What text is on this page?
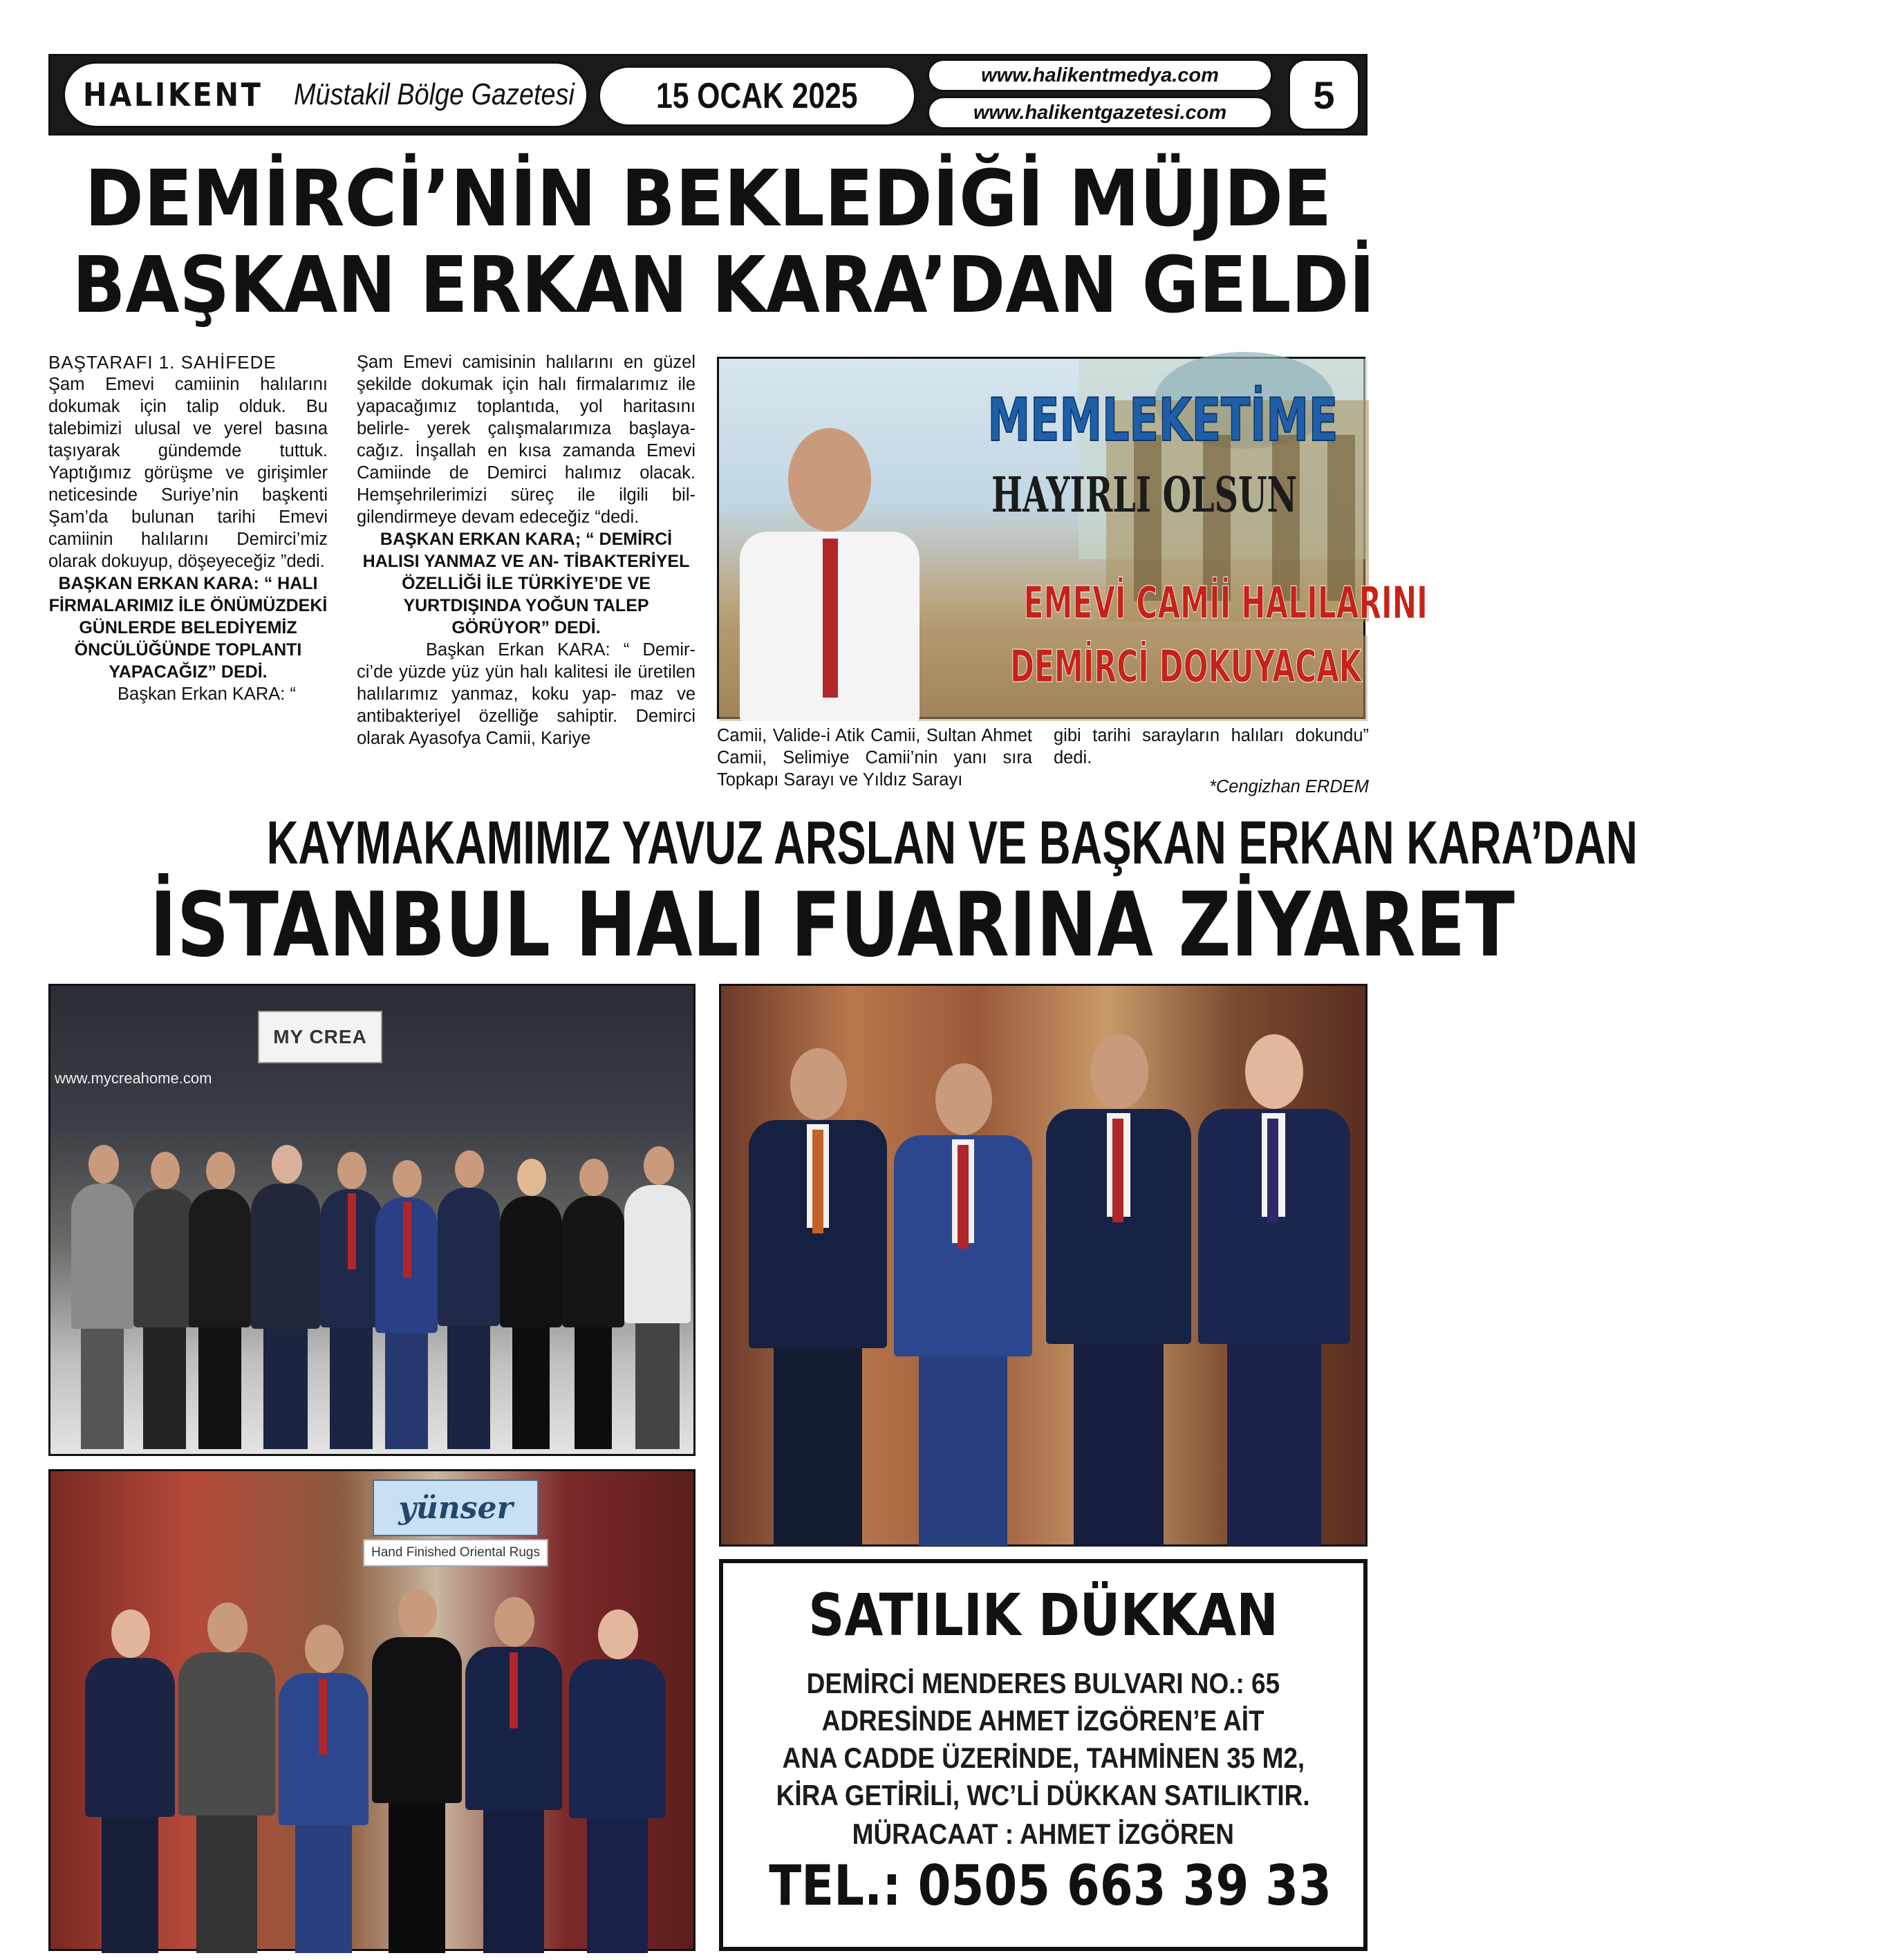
HALIKENT Müstakil Bölge Gazetesi 15 OCAK 2025
www.halikentmedya.com
www.halikentgazetesi.com	5
DEMİRCİ’NİN BEKLEDİĞİ MÜJDE
BAŞKAN ERKAN KARA’DAN GELDİ
BAŞTARAFI 1. SAHİFEDE

Şam Emevi camiinin halılarını dokumak için talip olduk. Bu talebimizi ulusal ve yerel basına taşıyarak gündemde tuttuk. Yaptığımız görüşme ve girişimler neticesinde Suriye’nin başkenti Şam’da bulunan tarihi Emevi camiinin halılarını Demirci’miz olarak dokuyup, döşeyeceğiz ”dedi.

BAŞKAN ERKAN KARA: “ HALI FİRMALARIMIZ İLE ÖNÜMÜZDEKİ GÜNLERDE BELEDİYEMİZ ÖNCÜLÜĞÜNDE TOPLANTI YAPACAĞIZ” DEDİ.

Başkan Erkan KARA: “

Şam Emevi camisinin halılarını en güzel şekilde dokumak için halı firmalarımız ile yapacağımız toplantıda, yol haritasını belirle- yerek çalışmalarımıza başlaya- cağız. İnşallah en kısa zamanda Emevi Camiinde de Demirci halımız olacak. Hemşehrilerimizi süreç ile ilgili bil- gilendirmeye devam edeceğiz “dedi.

BAŞKAN ERKAN KARA; “ DEMİRCİ HALISI YANMAZ VE AN- TİBAKTERİYEL ÖZELLİĞİ İLE TÜRKİYE’DE VE YURTDIŞINDA YOĞUN TALEP GÖRÜYOR” DEDİ.

Başkan Erkan KARA: “ Demir- ci’de yüzde yüz yün halı kalitesi ile üretilen halılarımız yanmaz, koku yap- maz ve antibakteriyel özelliğe sahiptir. Demirci olarak Ayasofya Camii, Kariye

MEMLEKETİME
HAYIRLI OLSUN
EMEVİ CAMİİ HALILARINI
DEMİRCİ DOKUYACAK

Camii, Valide-i Atik Camii, Sultan Ahmet Camii, Selimiye Camii’nin yanı sıra Topkapı Sarayı ve Yıldız Sarayı

gibi tarihi sarayların halıları dokundu” dedi.

*Cengizhan ERDEM

KAYMAKAMIMIZ YAVUZ ARSLAN VE BAŞKAN ERKAN KARA’DAN
İSTANBUL HALI FUARINA ZİYARET
MY CREA
www.mycreahome.com
yünser
Hand Finished Oriental Rugs
SATILIK DÜKKAN
DEMİRCİ MENDERES BULVARI NO.: 65
ADRESİNDE AHMET İZGÖREN’E AİT
ANA CADDE ÜZERİNDE, TAHMİNEN 35 M2,
KİRA GETİRİLİ, WC’Lİ DÜKKAN SATILIKTIR.
MÜRACAAT : AHMET İZGÖREN
TEL.: 0505 663 39 33
